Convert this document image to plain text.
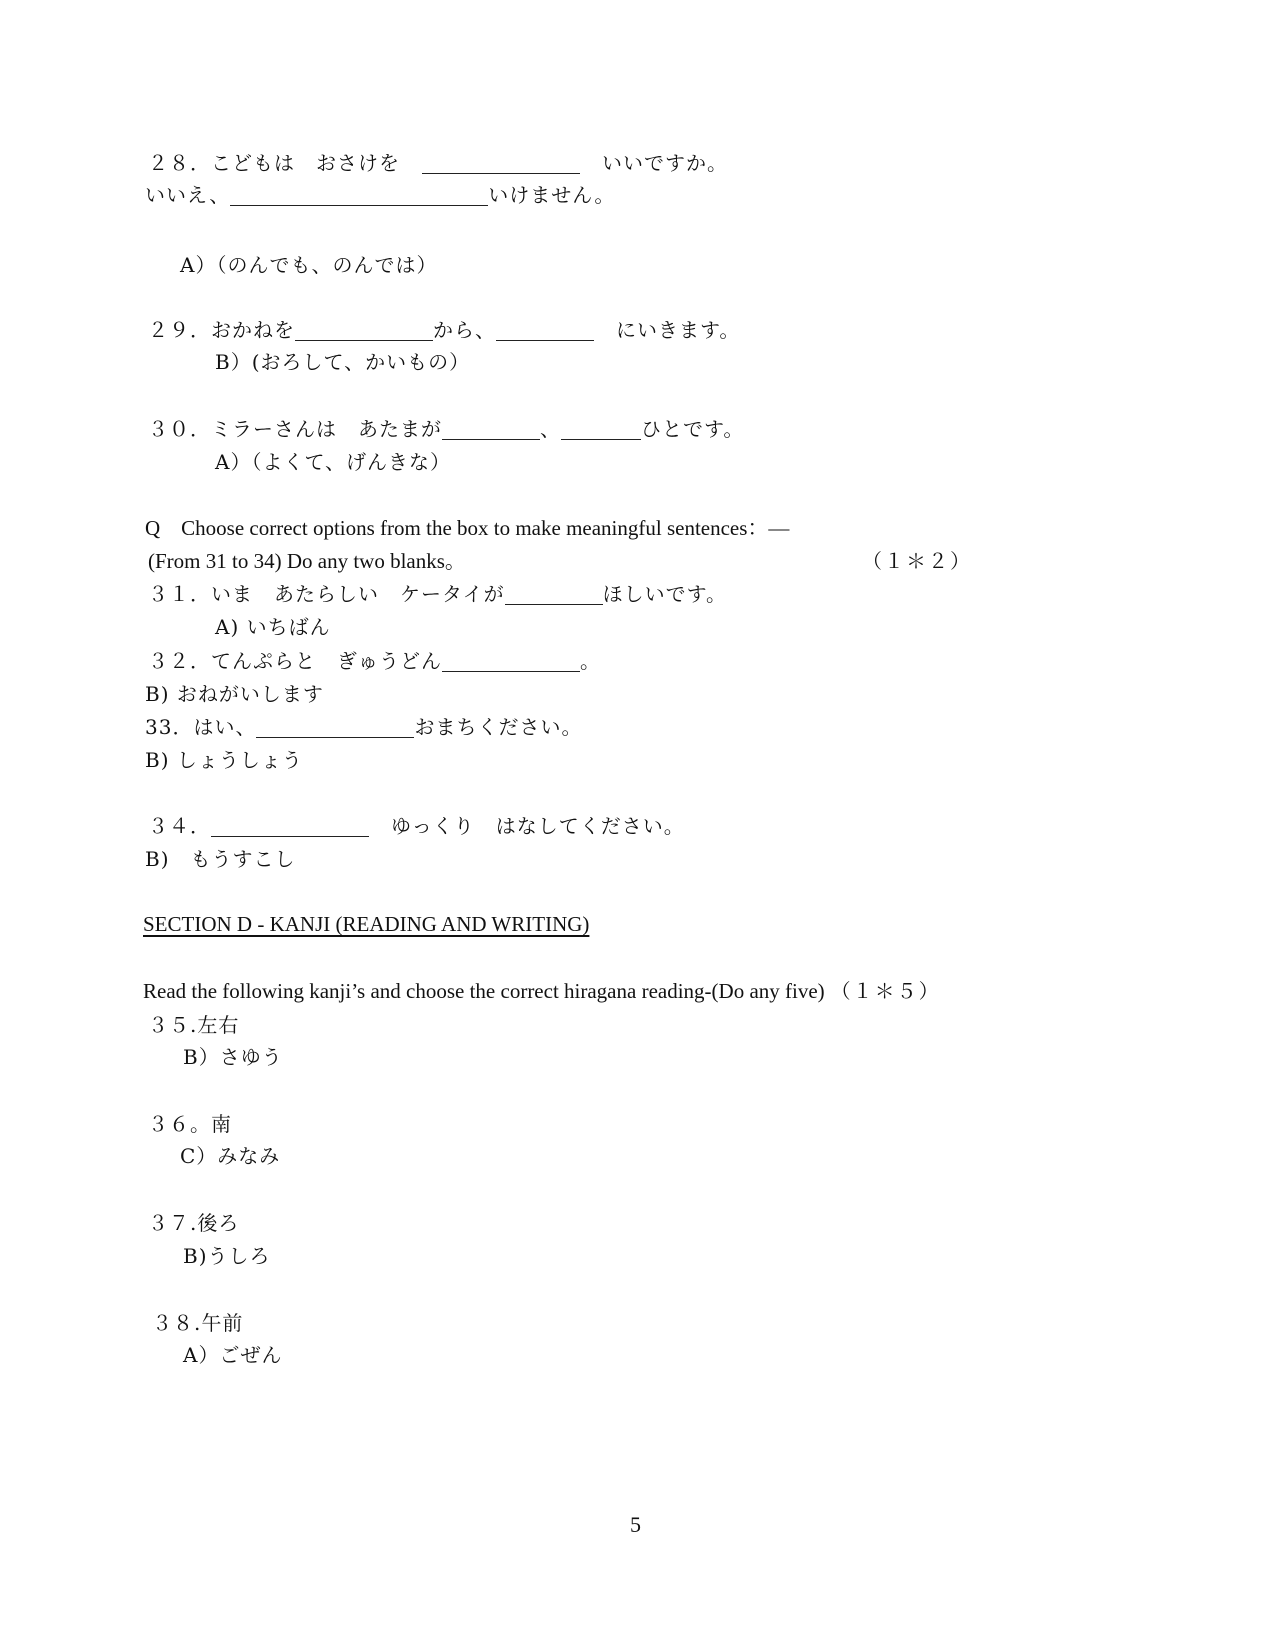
２８．こどもは　おさけを	いいですか。
いいえ、	いけません。
A）（のんでも、のんでは）
２９．おかねを	から、	にいきます。
B）(おろして、かいもの）
３０．ミラーさんは　あたまが	、	ひとです。
A）（よくて、げんきな）
Q　Choose correct options from the box to make meaningful sentences：—
(From 31 to 34) Do any two blanks。	（１＊２）
３１．いま　あたらしい　ケータイが	ほしいです。
A) いちばん
３２．てんぷらと　ぎゅうどん	。
B) おねがいします
33．はい、	おまちください。
B) しょうしょう
３４．	ゆっくり　はなしてください。
B)　もうすこし
SECTION D - KANJI (READING AND WRITING)
Read the following kanji’s and choose the correct hiragana reading-(Do any five) （１＊５）
３５.左右
B）さゆう
３６。南
C）みなみ
３７.後ろ
B)うしろ
３８.午前
A）ごぜん
5
